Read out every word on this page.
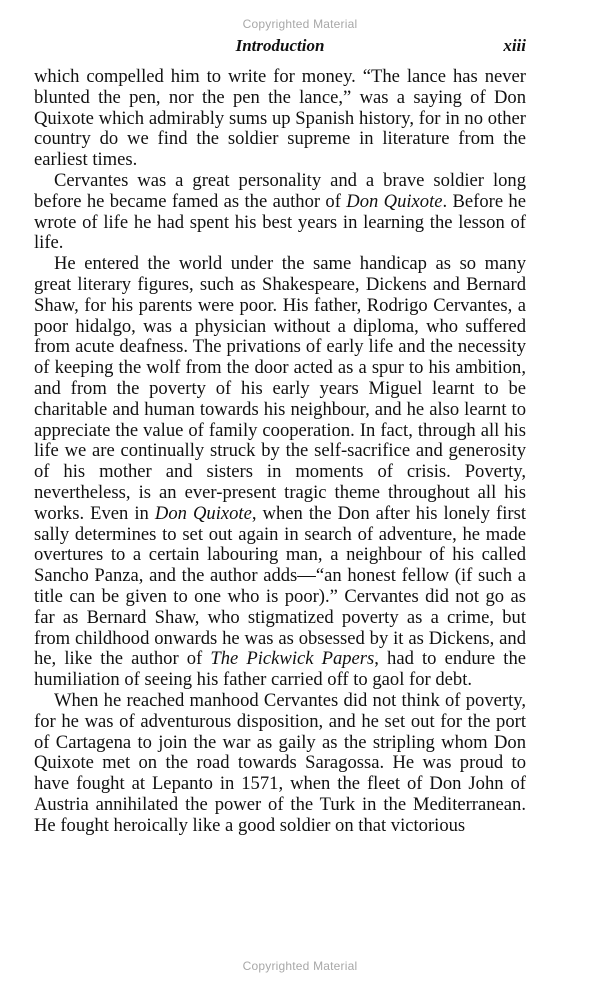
Copyrighted Material
Introduction	xiii

which compelled him to write for money. “The lance has never blunted the pen, nor the pen the lance,” was a saying of Don Quixote which admirably sums up Spanish history, for in no other country do we find the soldier supreme in literature from the earliest times.

Cervantes was a great personality and a brave soldier long before he became famed as the author of Don Quixote. Before he wrote of life he had spent his best years in learning the lesson of life.

He entered the world under the same handicap as so many great literary figures, such as Shakespeare, Dickens and Bernard Shaw, for his parents were poor. His father, Rodrigo Cervantes, a poor hidalgo, was a physician without a diploma, who suffered from acute deafness. The privations of early life and the necessity of keeping the wolf from the door acted as a spur to his ambition, and from the poverty of his early years Miguel learnt to be charitable and human towards his neighbour, and he also learnt to appreciate the value of family cooperation. In fact, through all his life we are continually struck by the self-sacrifice and generosity of his mother and sisters in moments of crisis. Poverty, nevertheless, is an ever-present tragic theme throughout all his works. Even in Don Quixote, when the Don after his lonely first sally determines to set out again in search of adventure, he made overtures to a certain labouring man, a neighbour of his called Sancho Panza, and the author adds—“an honest fellow (if such a title can be given to one who is poor).” Cervantes did not go as far as Bernard Shaw, who stigmatized poverty as a crime, but from childhood onwards he was as obsessed by it as Dickens, and he, like the author of The Pickwick Papers, had to endure the humiliation of seeing his father carried off to gaol for debt.

When he reached manhood Cervantes did not think of poverty, for he was of adventurous disposition, and he set out for the port of Cartagena to join the war as gaily as the stripling whom Don Quixote met on the road towards Saragossa. He was proud to have fought at Lepanto in 1571, when the fleet of Don John of Austria annihilated the power of the Turk in the Mediterranean. He fought heroically like a good soldier on that victorious

Copyrighted Material
